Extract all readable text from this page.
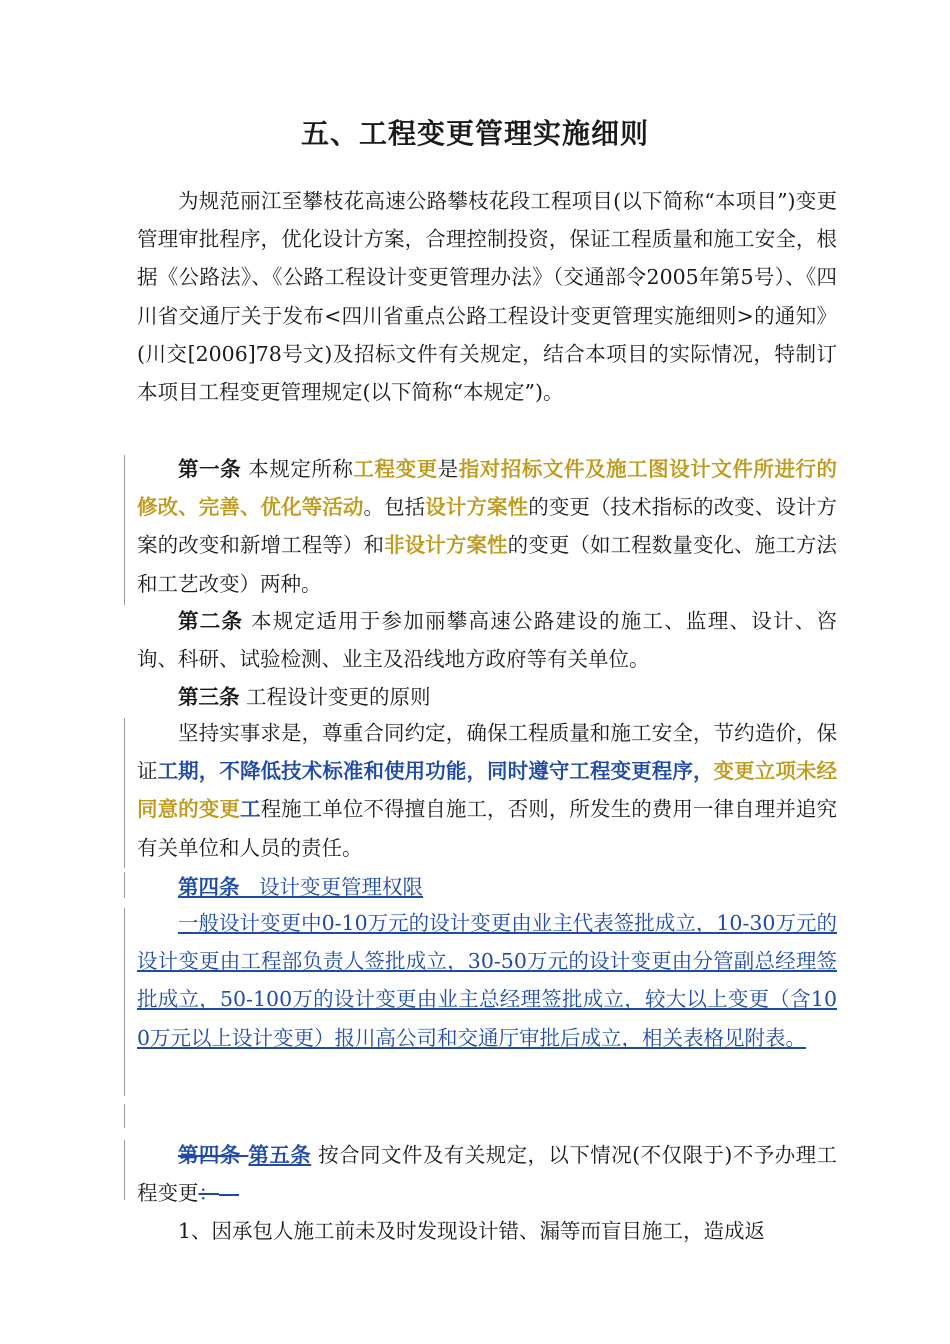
五、工程变更管理实施细则
为规范丽江至攀枝花高速公路攀枝花段工程项目(以下简称“本项目”)变更管理审批程序，优化设计方案，合理控制投资，保证工程质量和施工安全，根据《公路法》、《公路工程设计变更管理办法》（交通部令2005年第5号）、《四川省交通厅关于发布<四川省重点公路工程设计变更管理实施细则>的通知》(川交[2006]78号文)及招标文件有关规定，结合本项目的实际情况，特制订本项目工程变更管理规定(以下简称“本规定”)。
第一条 本规定所称工程变更是指对招标文件及施工图设计文件所进行的修改、完善、优化等活动。包括设计方案性的变更（技术指标的改变、设计方案的改变和新增工程等）和非设计方案性的变更（如工程数量变化、施工方法和工艺改变）两种。
第二条 本规定适用于参加丽攀高速公路建设的施工、监理、设计、咨询、科研、试验检测、业主及沿线地方政府等有关单位。
第三条 工程设计变更的原则
坚持实事求是，尊重合同约定，确保工程质量和施工安全，节约造价，保证工期，不降低技术标准和使用功能，同时遵守工程变更程序，变更立项未经同意的变更工程施工单位不得擅自施工，否则，所发生的费用一律自理并追究有关单位和人员的责任。
第四条   设计变更管理权限
一般设计变更中0-10万元的设计变更由业主代表签批成立，10-30万元的设计变更由工程部负责人签批成立，30-50万元的设计变更由分管副总经理签批成立，50-100万的设计变更由业主总经理签批成立，较大以上变更（含100万元以上设计变更）报川高公司和交通厅审批后成立，相关表格见附表。
第四条 第五条 按合同文件及有关规定，以下情况(不仅限于)不予办理工程变更：
1、因承包人施工前未及时发现设计错、漏等而盲目施工，造成返
